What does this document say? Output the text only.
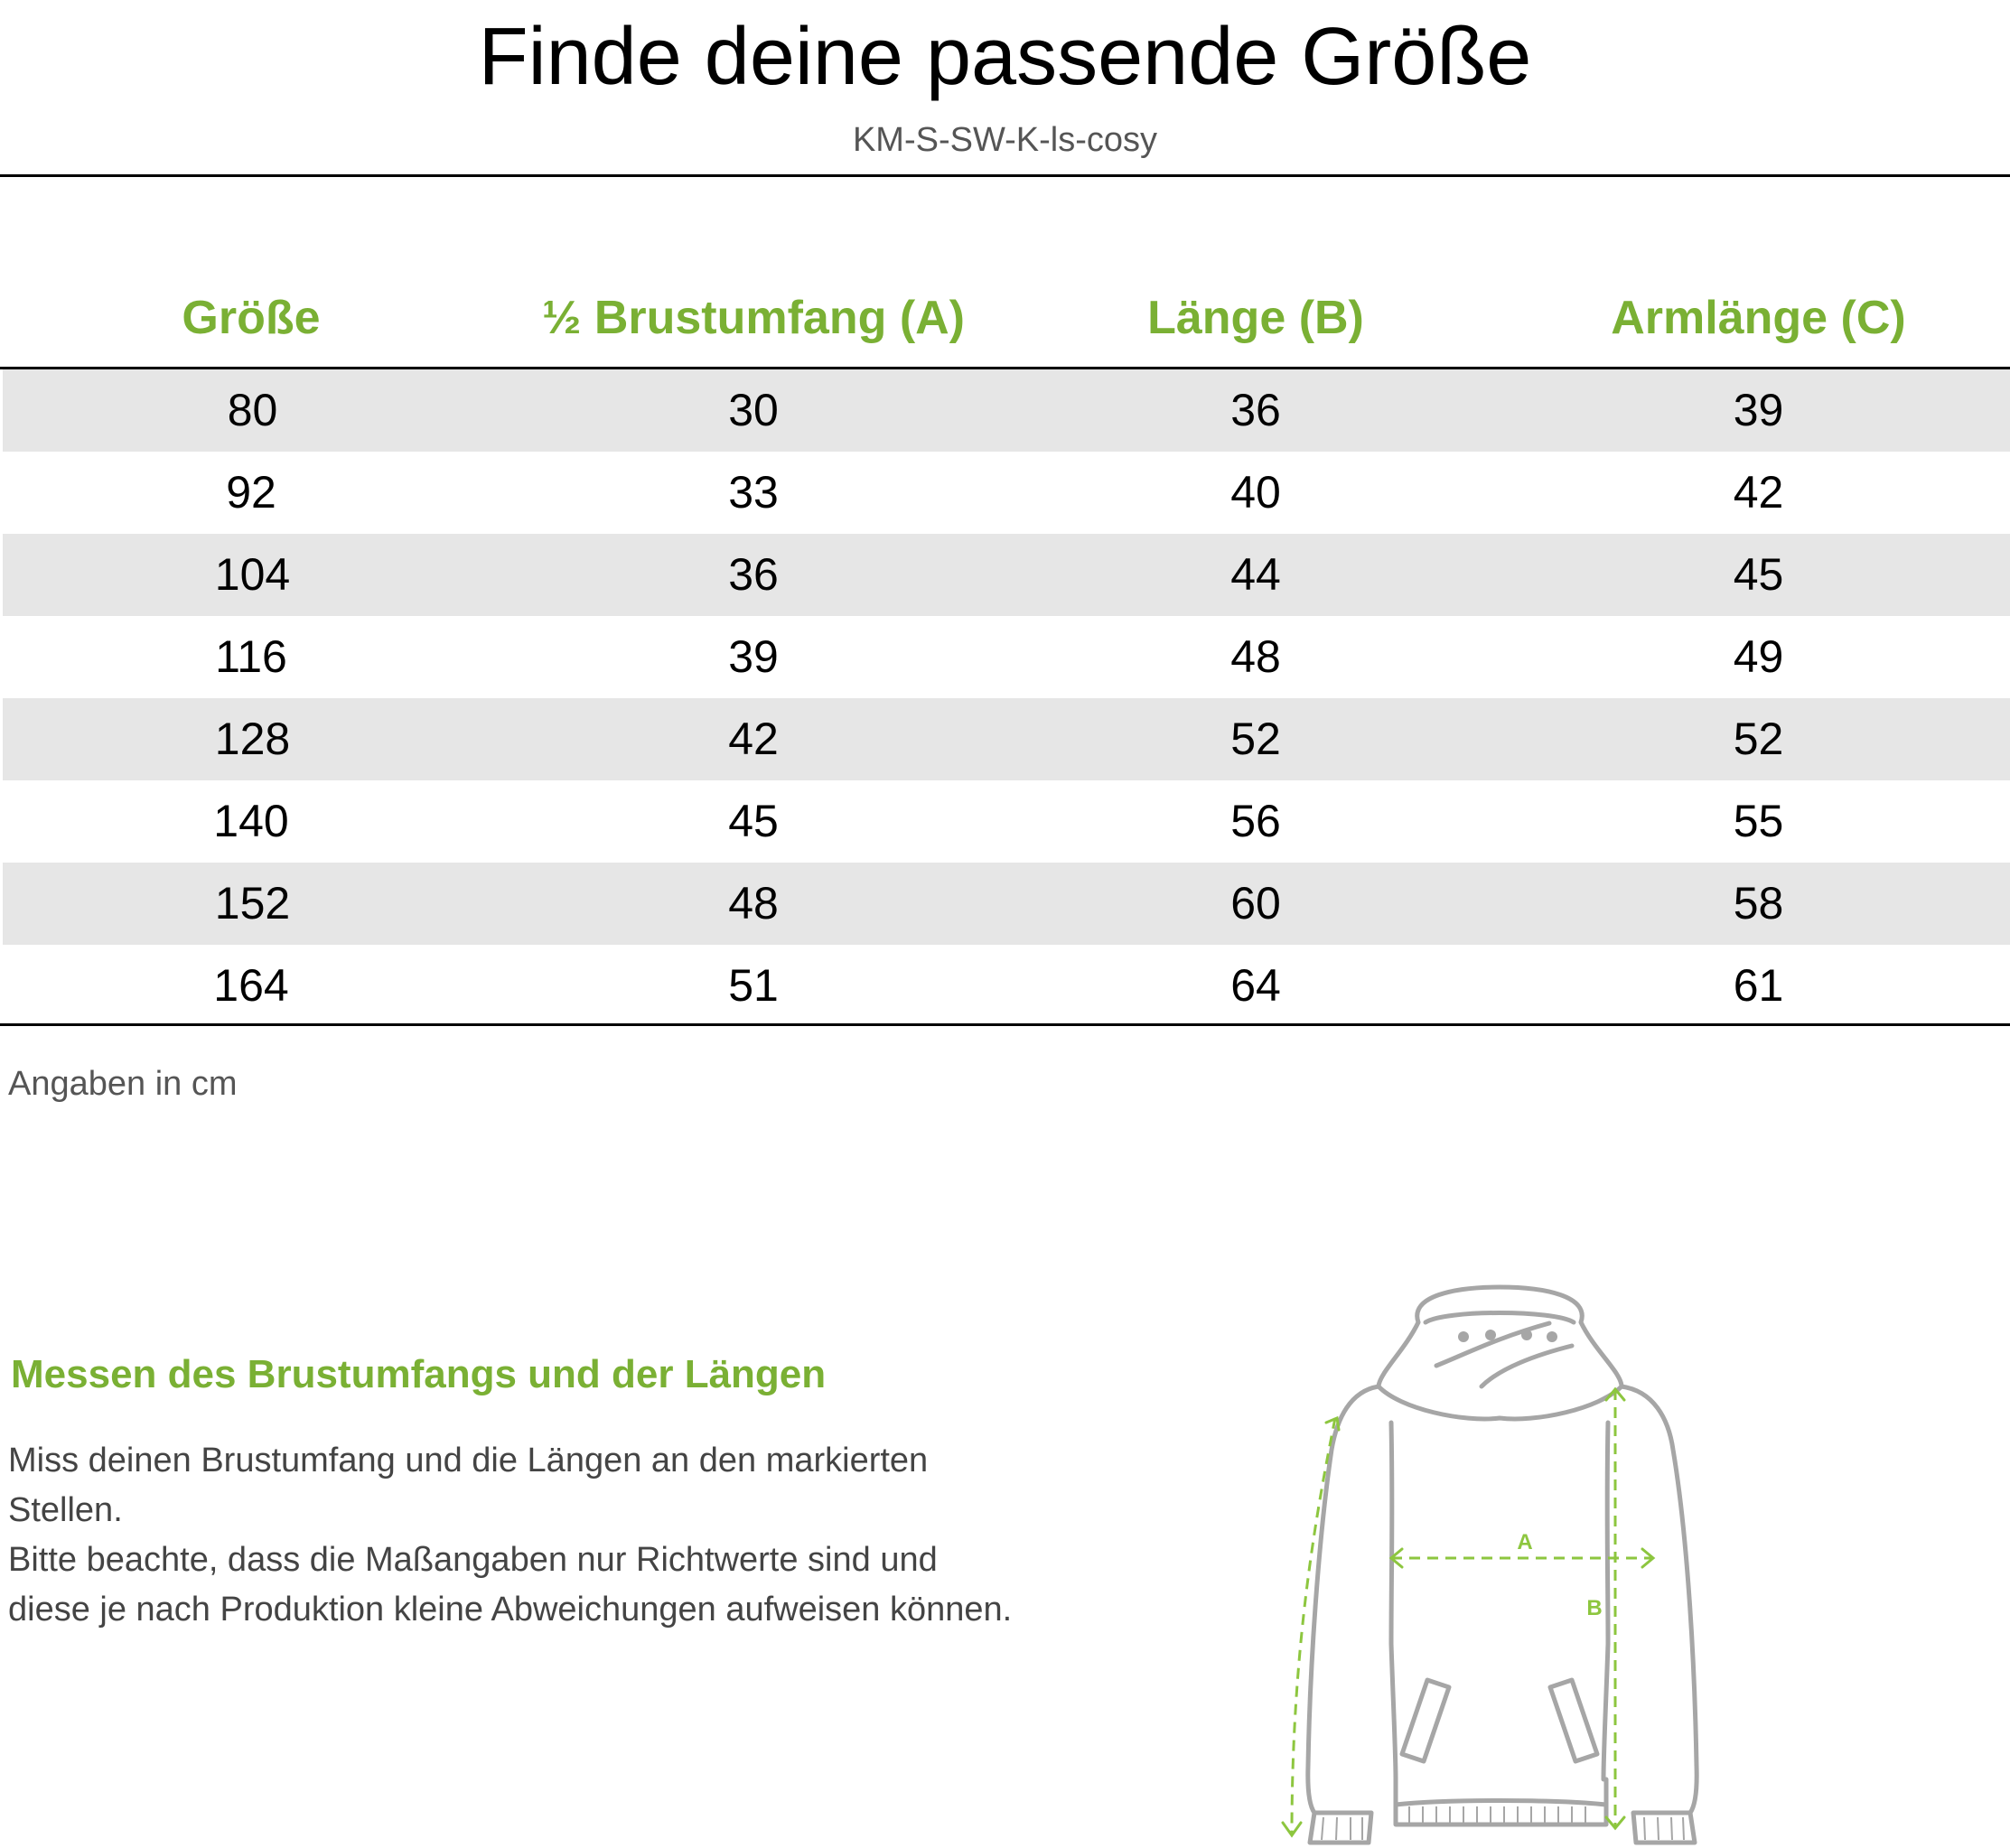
Finde deine passende Größe
KM-S-SW-K-ls-cosy
Größe	½ Brustumfang (A)	Länge (B)	Armlänge (C)
80	30	36	39
92	33	40	42
104	36	44	45
116	39	48	49
128	42	52	52
140	45	56	55
152	48	60	58
164	51	64	61
Angaben in cm
Messen des Brustumfangs und der Längen

Miss deinen Brustumfang und die Längen an den markierten Stellen.

Bitte beachte, dass die Maßangaben nur Richtwerte sind und diese je nach Produktion kleine Abweichungen aufweisen können.

A
B
